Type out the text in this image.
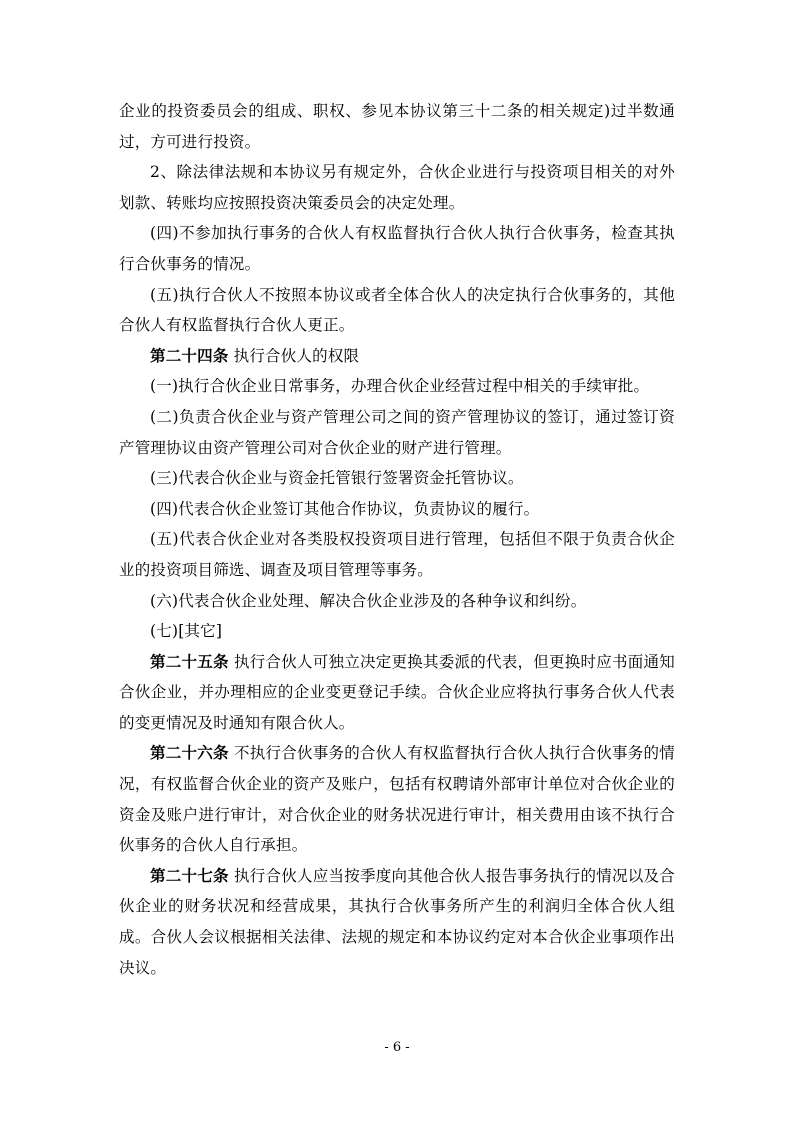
企业的投资委员会的组成、职权、参见本协议第三十二条的相关规定)过半数通过，方可进行投资。

2、除法律法规和本协议另有规定外，合伙企业进行与投资项目相关的对外划款、转账均应按照投资决策委员会的决定处理。

(四)不参加执行事务的合伙人有权监督执行合伙人执行合伙事务，检查其执行合伙事务的情况。

(五)执行合伙人不按照本协议或者全体合伙人的决定执行合伙事务的，其他合伙人有权监督执行合伙人更正。

第二十四条 执行合伙人的权限

(一)执行合伙企业日常事务，办理合伙企业经营过程中相关的手续审批。

(二)负责合伙企业与资产管理公司之间的资产管理协议的签订，通过签订资产管理协议由资产管理公司对合伙企业的财产进行管理。

(三)代表合伙企业与资金托管银行签署资金托管协议。

(四)代表合伙企业签订其他合作协议，负责协议的履行。

(五)代表合伙企业对各类股权投资项目进行管理，包括但不限于负责合伙企业的投资项目筛选、调查及项目管理等事务。

(六)代表合伙企业处理、解决合伙企业涉及的各种争议和纠纷。

(七)[其它]

第二十五条 执行合伙人可独立决定更换其委派的代表，但更换时应书面通知合伙企业，并办理相应的企业变更登记手续。合伙企业应将执行事务合伙人代表的变更情况及时通知有限合伙人。

第二十六条 不执行合伙事务的合伙人有权监督执行合伙人执行合伙事务的情况，有权监督合伙企业的资产及账户，包括有权聘请外部审计单位对合伙企业的资金及账户进行审计，对合伙企业的财务状况进行审计，相关费用由该不执行合伙事务的合伙人自行承担。

第二十七条 执行合伙人应当按季度向其他合伙人报告事务执行的情况以及合伙企业的财务状况和经营成果，其执行合伙事务所产生的利润归全体合伙人组成。合伙人会议根据相关法律、法规的规定和本协议约定对本合伙企业事项作出决议。

- 6 -
